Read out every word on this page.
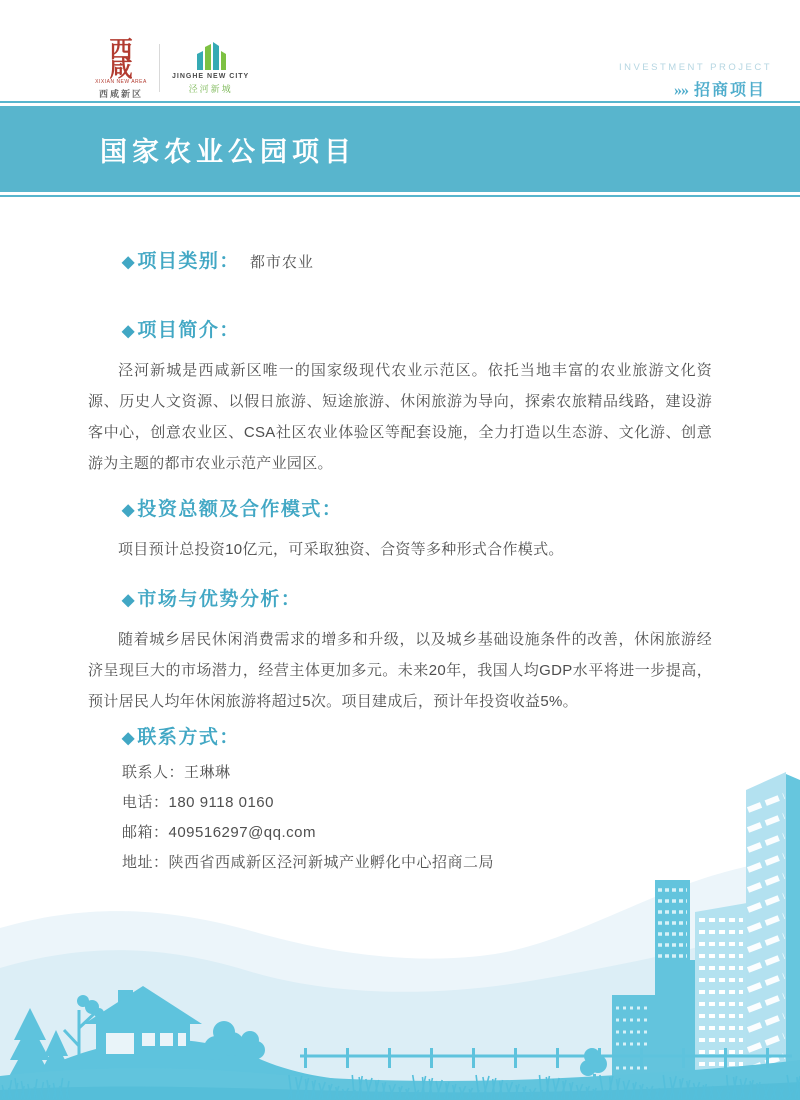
西
咸
XIXIAN NEW AREA
西咸新区
JINGHE NEW CITY
泾河新城
INVESTMENT PROJECT
»» 招商项目
国家农业公园项目
◆ 项目类别： 都市农业
◆ 项目简介：

泾河新城是西咸新区唯一的国家级现代农业示范区。依托当地丰富的农业旅游文化资源、历史人文资源、以假日旅游、短途旅游、休闲旅游为导向，探索农旅精品线路，建设游客中心，创意农业区、CSA社区农业体验区等配套设施，全力打造以生态游、文化游、创意游为主题的都市农业示范产业园区。

◆ 投资总额及合作模式：

项目预计总投资10亿元，可采取独资、合资等多种形式合作模式。

◆ 市场与优势分析：

随着城乡居民休闲消费需求的增多和升级，以及城乡基础设施条件的改善，休闲旅游经济呈现巨大的市场潜力，经营主体更加多元。未来20年，我国人均GDP水平将进一步提高，预计居民人均年休闲旅游将超过5次。项目建成后，预计年投资收益5%。

◆ 联系方式：
联系人：王琳琳
电话：180 9118 0160
邮箱：409516297@qq.com
地址：陕西省西咸新区泾河新城产业孵化中心招商二局
